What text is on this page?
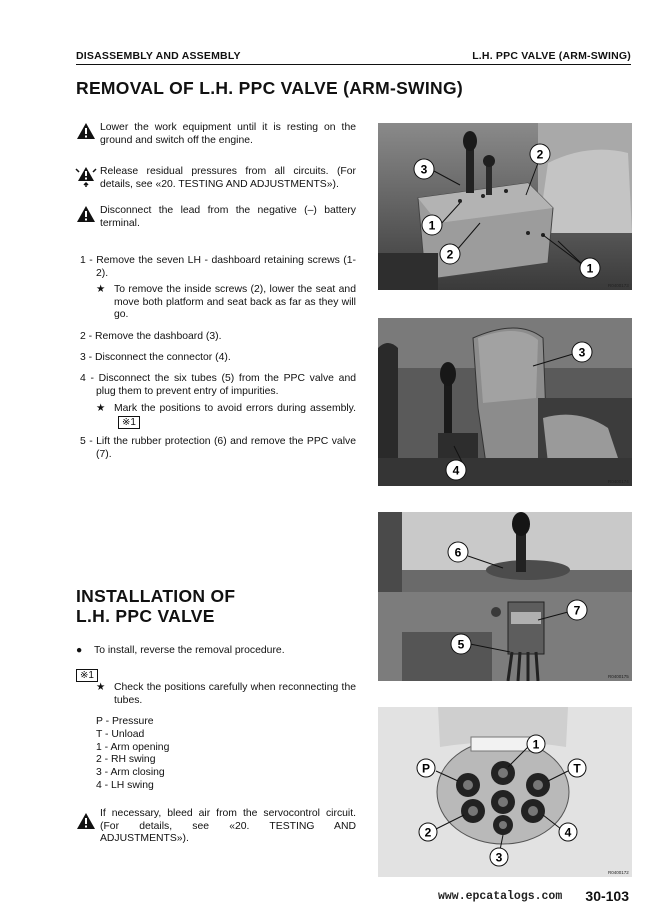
DISASSEMBLY AND ASSEMBLY	L.H. PPC VALVE (ARM-SWING)
REMOVAL OF L.H. PPC VALVE (ARM-SWING)
Lower the work equipment until it is resting on the ground and switch off the engine.
Release residual pressures from all circuits. (For details, see «20. TESTING AND ADJUSTMENTS»).
Disconnect the lead from the negative (–) battery terminal.
1 - Remove the seven LH - dashboard retaining screws (1-2).
★ To remove the inside screws (2), lower the seat and move both platform and seat back as far as they will go.
2 - Remove the dashboard (3).
3 - Disconnect the connector (4).
4 - Disconnect the six tubes (5) from the PPC valve and plug them to prevent entry of impurities.
★ Mark the positions to avoid errors during assembly. ※1
5 - Lift the rubber protection (6) and remove the PPC valve (7).
INSTALLATION OF
L.H. PPC VALVE
● To install, reverse the removal procedure.
※1
★ Check the positions carefully when reconnecting the tubes.
P - Pressure
T - Unload
1 - Arm opening
2 - RH swing
3 - Arm closing
4 - LH swing
If necessary, bleed air from the servocontrol circuit. (For details, see «20. TESTING AND ADJUSTMENTS»).
3
2
1
2
1
R0400173
3
4
R0400174
6
7
5
R0400175
1
P	T
2	4
3
R0400172
www.epcatalogs.com 30-103
